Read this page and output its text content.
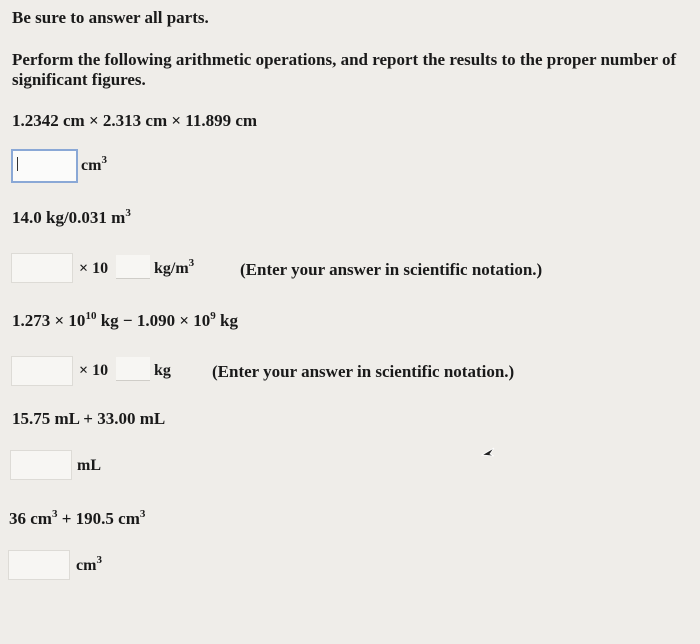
Be sure to answer all parts.
Perform the following arithmetic operations, and report the results to the proper number of significant figures.
1.2342 cm × 2.313 cm × 11.899 cm
$cm^3$
14.0 kg/0.031 $m^3$
× 10	$kg/m^3$	(Enter your answer in scientific notation.)
$1.273 \times 10^{10}$ kg − $1.090 \times 10^9$ kg
× 10	kg (Enter your answer in scientific notation.)
15.75 mL + 33.00 mL
mL
36 $cm^3 + 190.5$ $cm^3$
$cm^3$
